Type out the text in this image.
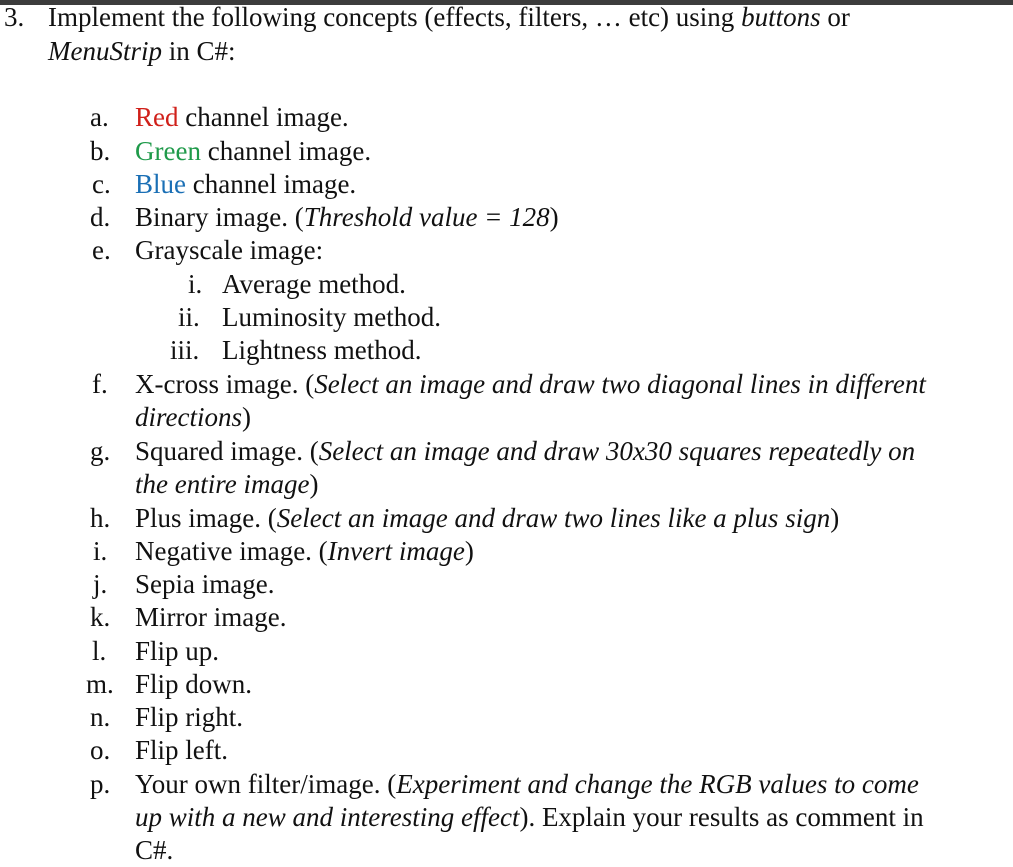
3. Implement the following concepts (effects, filters, … etc) using buttons or
MenuStrip in C#:
a. Red channel image.
b. Green channel image.
c. Blue channel image.
d. Binary image. (Threshold value = 128)
e. Grayscale image:
i. Average method.
ii. Luminosity method.
iii. Lightness method.
f. X-cross image. (Select an image and draw two diagonal lines in different
directions)
g. Squared image. (Select an image and draw 30x30 squares repeatedly on
the entire image)
h. Plus image. (Select an image and draw two lines like a plus sign)
i. Negative image. (Invert image)
j. Sepia image.
k. Mirror image.
l. Flip up.
m. Flip down.
n. Flip right.
o. Flip left.
p. Your own filter/image. (Experiment and change the RGB values to come
up with a new and interesting effect). Explain your results as comment in
C#.
